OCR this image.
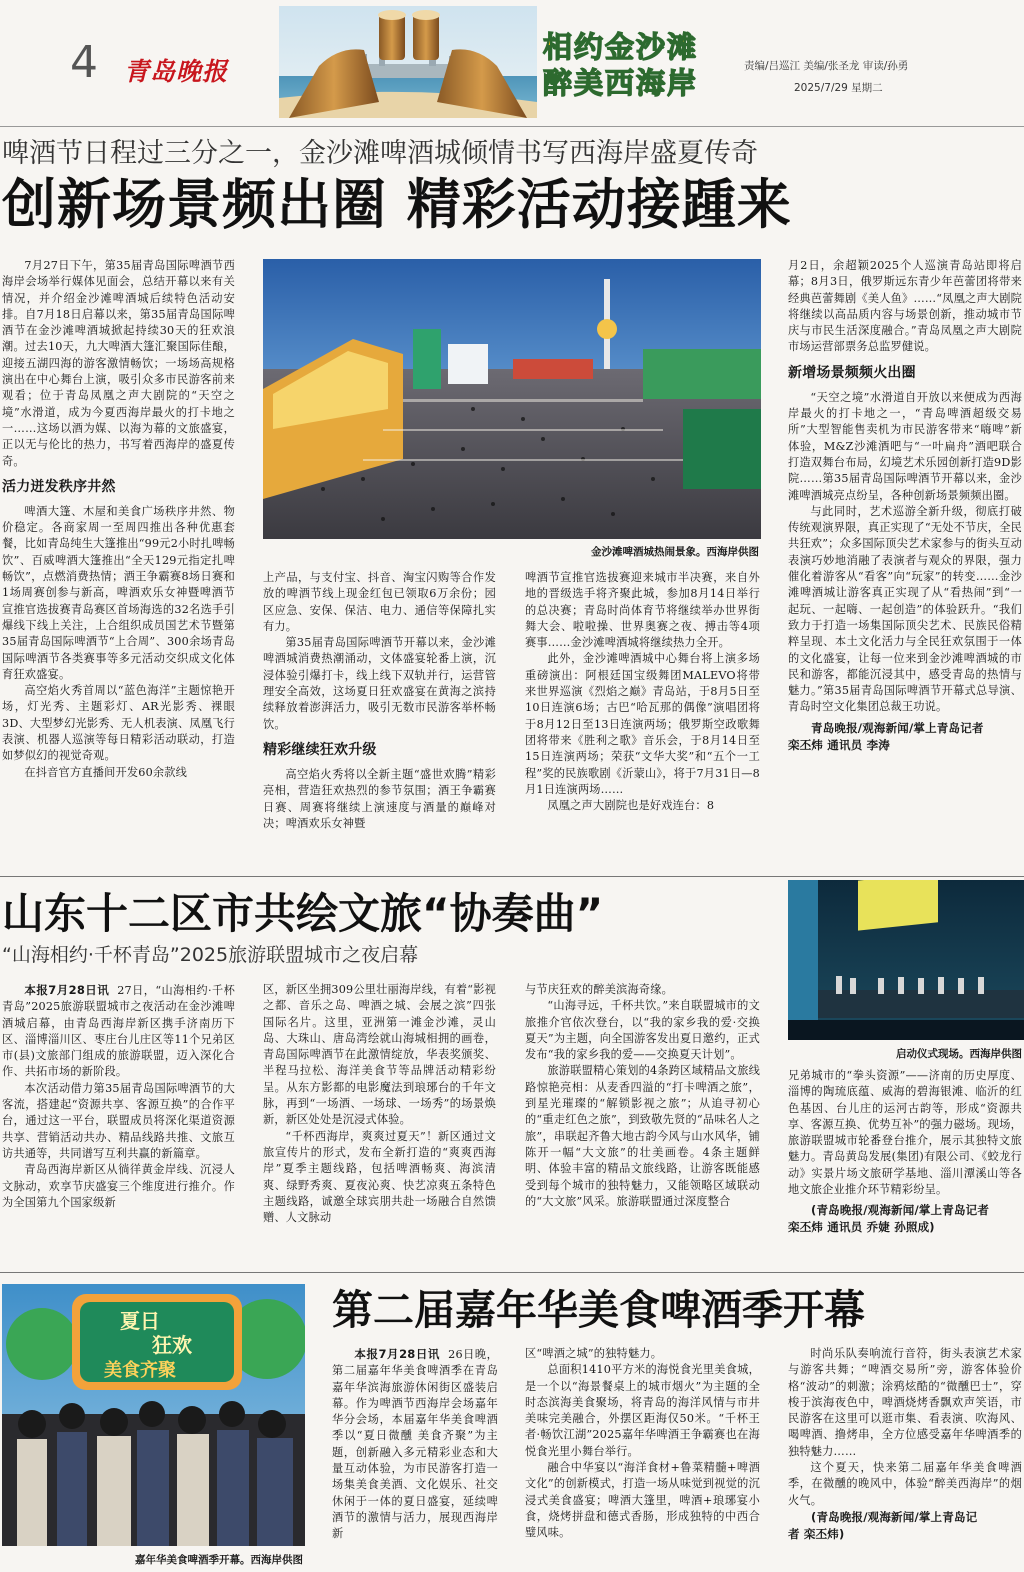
4 青岛晚报
相约金沙滩
醉美西海岸	责编/吕巡江 美编/张圣龙 审读/孙勇
2025/7/29 星期二
啤酒节日程过三分之一，金沙滩啤酒城倾情书写西海岸盛夏传奇
创新场景频出圈 精彩活动接踵来

7月27日下午，第35届青岛国际啤酒节西海岸会场举行媒体见面会，总结开幕以来有关情况，并介绍金沙滩啤酒城后续特色活动安排。自7月18日启幕以来，第35届青岛国际啤酒节在金沙滩啤酒城掀起持续30天的狂欢浪潮。过去10天，九大啤酒大篷汇聚国际佳酿，迎接五湖四海的游客激情畅饮；一场场高规格演出在中心舞台上演，吸引众多市民游客前来观看；位于青岛凤凰之声大剧院的“天空之境”水滑道，成为今夏西海岸最火的打卡地之一……这场以酒为媒、以海为幕的文旅盛宴，正以无与伦比的热力，书写着西海岸的盛夏传奇。

活力迸发秩序井然

啤酒大篷、木屋和美食广场秩序井然、物价稳定。各商家周一至周四推出各种优惠套餐，比如青岛纯生大篷推出“99元2小时扎啤畅饮”、百威啤酒大篷推出“全天129元指定扎啤畅饮”，点燃消费热情；酒王争霸赛8场日赛和1场周赛创参与新高，啤酒欢乐女神暨啤酒节宣推官选拔赛青岛赛区首场海选的32名选手引爆线下线上关注，上合组织成员国艺术节暨第35届青岛国际啤酒节“上合周”、300余场青岛国际啤酒节各类赛事等多元活动交织成文化体育狂欢盛宴。

高空焰火秀首周以“蓝色海洋”主题惊艳开场，灯光秀、主题彩灯、AR光影秀、裸眼3D、大型梦幻光影秀、无人机表演、凤凰飞行表演、机器人巡演等每日精彩活动联动，打造如梦似幻的视觉奇观。

在抖音官方直播间开发60余款线

金沙滩啤酒城热闹景象。西海岸供图

上产品，与支付宝、抖音、淘宝闪购等合作发放的啤酒节线上现金红包已领取6万余份；园区应急、安保、保洁、电力、通信等保障扎实有力。

第35届青岛国际啤酒节开幕以来，金沙滩啤酒城消费热潮涌动，文体盛宴轮番上演，沉浸体验引爆打卡，线上线下双轨并行，运营管理安全高效，这场夏日狂欢盛宴在黄海之滨持续释放着澎湃活力，吸引无数市民游客举杯畅饮。

精彩继续狂欢升级

高空焰火秀将以全新主题“盛世欢腾”精彩亮相，营造狂欢热烈的参节氛围；酒王争霸赛日赛、周赛将继续上演速度与酒量的巅峰对决；啤酒欢乐女神暨

啤酒节宣推官选拔赛迎来城市半决赛，来自外地的晋级选手将齐聚此城，参加8月14日举行的总决赛；青岛时尚体育节将继续举办世界街舞大会、啦啦操、世界奥赛之夜、搏击等4项赛事……金沙滩啤酒城将继续热力全开。

此外，金沙滩啤酒城中心舞台将上演多场重磅演出：阿根廷国宝级舞团MALEVO将带来世界巡演《烈焰之巅》青岛站，于8月5日至10日连演6场；古巴“哈瓦那的偶像”演唱团将于8月12日至13日连演两场；俄罗斯空政歌舞团将带来《胜利之歌》音乐会，于8月14日至15日连演两场；荣获“文华大奖”和“五个一工程”奖的民族歌剧《沂蒙山》，将于7月31日—8月1日连演两场……

凤凰之声大剧院也是好戏连台：8

月2日，余超颖2025个人巡演青岛站即将启幕；8月3日，俄罗斯远东青少年芭蕾团将带来经典芭蕾舞剧《美人鱼》……“凤凰之声大剧院将继续以高品质内容与场景创新，推动城市节庆与市民生活深度融合。”青岛凤凰之声大剧院市场运营部票务总监罗健说。

新增场景频频火出圈

“天空之境”水滑道自开放以来便成为西海岸最火的打卡地之一，“青岛啤酒超级交易所”大型智能售卖机为市民游客带来“嗨啤”新体验，M&Z沙滩酒吧与“一叶扁舟”酒吧联合打造双舞台布局，幻境艺术乐园创新打造9D影院……第35届青岛国际啤酒节开幕以来，金沙滩啤酒城亮点纷呈，各种创新场景频频出圈。

与此同时，艺术巡游全新升级，彻底打破传统观演界限，真正实现了“无处不节庆，全民共狂欢”；众多国际顶尖艺术家参与的街头互动表演巧妙地消融了表演者与观众的界限，强力催化着游客从“看客”向“玩家”的转变……金沙滩啤酒城让游客真正实现了从“看热闹”到“一起玩、一起嗨、一起创造”的体验跃升。“我们致力于打造一场集国际顶尖艺术、民族民俗精粹呈现、本土文化活力与全民狂欢氛围于一体的文化盛宴，让每一位来到金沙滩啤酒城的市民和游客，都能沉浸其中，感受青岛的热情与魅力。”第35届青岛国际啤酒节开幕式总导演、青岛时空文化集团总裁王功说。

青岛晚报/观海新闻/掌上青岛记者
栾丕炜 通讯员 李涛
山东十二区市共绘文旅“协奏曲”
“山海相约·千杯青岛”2025旅游联盟城市之夜启幕
启动仪式现场。西海岸供图

本报7月28日讯 27日，“山海相约·千杯青岛”2025旅游联盟城市之夜活动在金沙滩啤酒城启幕，由青岛西海岸新区携手济南历下区、淄博淄川区、枣庄台儿庄区等11个兄弟区市(县)文旅部门组成的旅游联盟，迈入深化合作、共拓市场的新阶段。

本次活动借力第35届青岛国际啤酒节的大客流，搭建起“资源共享、客源互换”的合作平台，通过这一平台，联盟成员将深化渠道资源共享、营销活动共办、精品线路共推、文旅互访共通等，共同谱写互利共赢的新篇章。

青岛西海岸新区从徜徉黄金岸线、沉浸人文脉动，欢享节庆盛宴三个维度进行推介。作为全国第九个国家级新

区，新区坐拥309公里壮丽海岸线，有着“影视之都、音乐之岛、啤酒之城、会展之滨”四张国际名片。这里，亚洲第一滩金沙滩，灵山岛、大珠山、唐岛湾绘就山海城相拥的画卷，青岛国际啤酒节在此激情绽放，华表奖颁奖、半程马拉松、海洋美食节等品牌活动精彩纷呈。从东方影都的电影魔法到琅琊台的千年文脉，再到“一场酒、一场球、一场秀”的场景焕新，新区处处是沉浸式体验。

“千杯西海岸，爽爽过夏天”！新区通过文旅宣传片的形式，发布全新打造的“爽爽西海岸”夏季主题线路，包括啤酒畅爽、海滨清爽、绿野秀爽、夏夜沁爽、快艺凉爽五条特色主题线路，诚邀全球宾朋共赴一场融合自然馈赠、人文脉动

与节庆狂欢的醉美滨海奇缘。

“山海寻远，千杯共饮。”来自联盟城市的文旅推介官依次登台，以“我的家乡我的爱·交换夏天”为主题，向全国游客发出夏日邀约，正式发布“我的家乡我的爱——交换夏天计划”。

旅游联盟精心策划的4条跨区域精品文旅线路惊艳亮相：从麦香四溢的“打卡啤酒之旅”，到星光璀璨的“解锁影视之旅”；从追寻初心的“重走红色之旅”，到致敬先贤的“品味名人之旅”，串联起齐鲁大地古韵今风与山水风华，铺陈开一幅“大文旅”的壮美画卷。4条主题鲜明、体验丰富的精品文旅线路，让游客既能感受到每个城市的独特魅力，又能领略区域联动的“大文旅”风采。旅游联盟通过深度整合

兄弟城市的“拳头资源”——济南的历史厚度、淄博的陶琉底蕴、威海的碧海银滩、临沂的红色基因、台儿庄的运河古韵等，形成“资源共享、客源互换、优势互补”的强力磁场。现场，旅游联盟城市轮番登台推介，展示其独特文旅魅力。青岛黄岛发展(集团)有限公司、《蛟龙行动》实景片场文旅研学基地、淄川潭溪山等各地文旅企业推介环节精彩纷呈。

(青岛晚报/观海新闻/掌上青岛记者
栾丕炜 通讯员 乔婕 孙照成)
夏日
狂欢
美食齐聚
嘉年华美食啤酒季开幕。西海岸供图
第二届嘉年华美食啤酒季开幕

本报7月28日讯 26日晚，第二届嘉年华美食啤酒季在青岛嘉年华滨海旅游休闲街区盛装启幕。作为啤酒节西海岸会场嘉年华分会场，本届嘉年华美食啤酒季以“夏日微醺 美食齐聚”为主题，创新融入多元精彩业态和大量互动体验，为市民游客打造一场集美食美酒、文化娱乐、社交休闲于一体的夏日盛宴，延续啤酒节的激情与活力，展现西海岸新

区“啤酒之城”的独特魅力。

总面积1410平方米的海悦食光里美食城，是一个以“海景餐桌上的城市烟火”为主题的全时态滨海美食聚场，将青岛的海洋风情与市井美味完美融合，外摆区距海仅50米。“千杯王者·畅饮江湖”2025嘉年华啤酒王争霸赛也在海悦食光里小舞台举行。

融合中华宴以“海洋食材+鲁菜精髓+啤酒文化”的创新模式，打造一场从味觉到视觉的沉浸式美食盛宴；啤酒大篷里，啤酒+琅琊宴小食，烧烤拼盘和德式香肠，形成独特的中西合璧风味。

时尚乐队奏响流行音符，街头表演艺术家与游客共舞；“啤酒交易所”旁，游客体验价格“波动”的刺激；涂鸦炫酷的“微醺巴士”，穿梭于滨海夜色中，啤酒烧烤香飘欢声笑语，市民游客在这里可以逛市集、看表演、吹海风、喝啤酒、撸烤串，全方位感受嘉年华啤酒季的独特魅力……

这个夏天，快来第二届嘉年华美食啤酒季，在微醺的晚风中，体验“醉美西海岸”的烟火气。

(青岛晚报/观海新闻/掌上青岛记
者 栾丕炜)
